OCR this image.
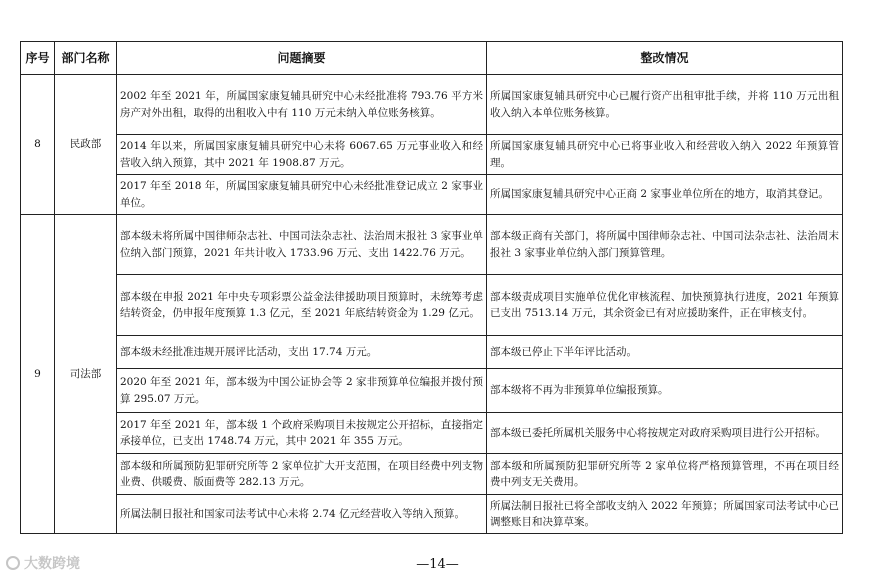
序号	部门名称	问题摘要	整改情况
8	民政部	2002 年至 2021 年，所属国家康复辅具研究中心未经批准将 793.76 平方米房产对外出租，取得的出租收入中有 110 万元未纳入单位账务核算。	所属国家康复辅具研究中心已履行资产出租审批手续，并将 110 万元出租收入纳入本单位账务核算。
		2014 年以来，所属国家康复辅具研究中心未将 6067.65 万元事业收入和经营收入纳入预算，其中 2021 年 1908.87 万元。	所属国家康复辅具研究中心已将事业收入和经营收入纳入 2022 年预算管理。
		2017 年至 2018 年，所属国家康复辅具研究中心未经批准登记成立 2 家事业单位。	所属国家康复辅具研究中心正商 2 家事业单位所在的地方，取消其登记。
9	司法部	部本级未将所属中国律师杂志社、中国司法杂志社、法治周末报社 3 家事业单位纳入部门预算，2021 年共计收入 1733.96 万元、支出 1422.76 万元。	部本级正商有关部门，将所属中国律师杂志社、中国司法杂志社、法治周末报社 3 家事业单位纳入部门预算管理。
		部本级在申报 2021 年中央专项彩票公益金法律援助项目预算时，未统筹考虑结转资金，仍申报年度预算 1.3 亿元，至 2021 年底结转资金为 1.29 亿元。	部本级责成项目实施单位优化审核流程、加快预算执行进度，2021 年预算已支出 7513.14 万元，其余资金已有对应援助案件，正在审核支付。
		部本级未经批准违规开展评比活动，支出 17.74 万元。	部本级已停止下半年评比活动。
		2020 年至 2021 年，部本级为中国公证协会等 2 家非预算单位编报并拨付预算 295.07 万元。	部本级将不再为非预算单位编报预算。
		2017 年至 2021 年，部本级 1 个政府采购项目未按规定公开招标，直接指定承接单位，已支出 1748.74 万元，其中 2021 年 355 万元。	部本级已委托所属机关服务中心将按规定对政府采购项目进行公开招标。
		部本级和所属预防犯罪研究所等 2 家单位扩大开支范围，在项目经费中列支物业费、供暖费、版面费等 282.13 万元。	部本级和所属预防犯罪研究所等 2 家单位将严格预算管理，不再在项目经费中列支无关费用。
		所属法制日报社和国家司法考试中心未将 2.74 亿元经营收入等纳入预算。	所属法制日报社已将全部收支纳入 2022 年预算；所属国家司法考试中心已调整账目和决算草案。
—14—
大数跨境
